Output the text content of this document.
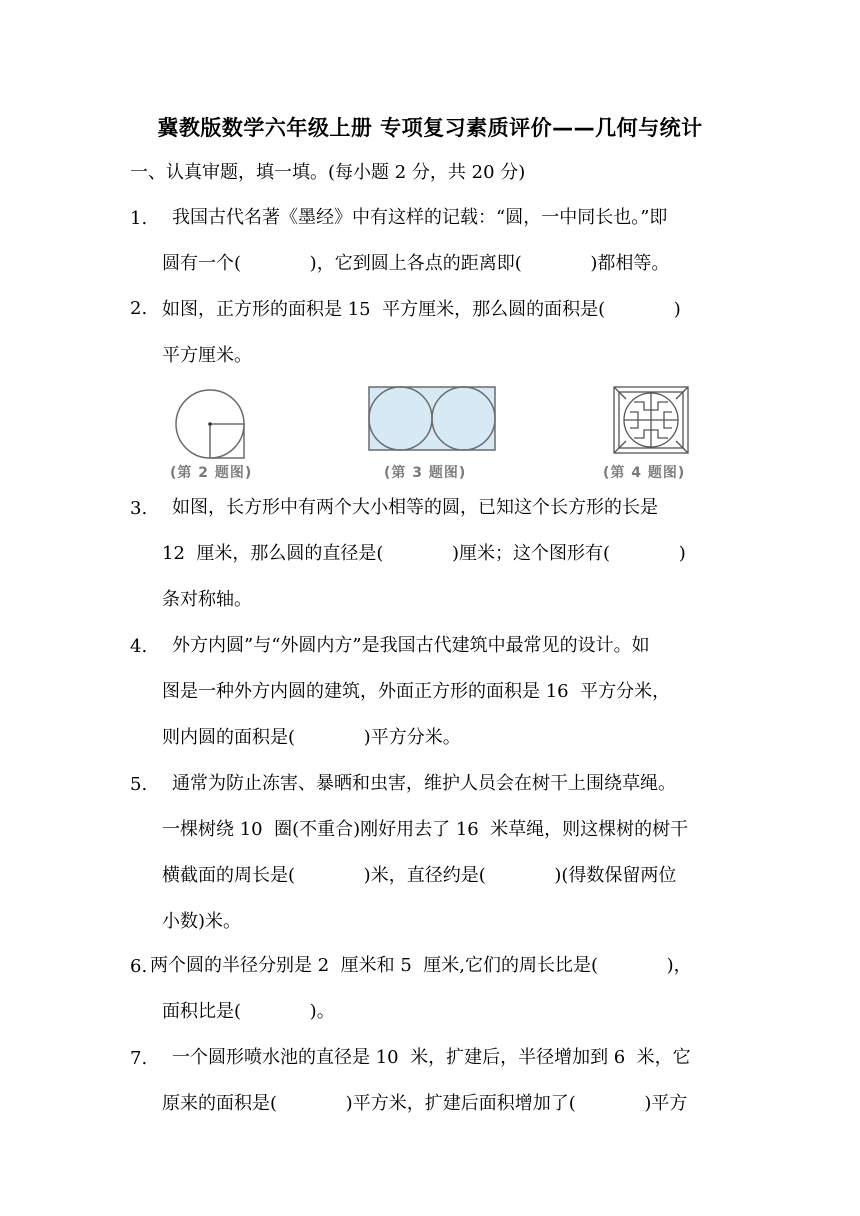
冀教版数学六年级上册 专项复习素质评价——几何与统计
一、认真审题，填一填。(每小题 2 分，共 20 分)
1. 我国古代名著《墨经》中有这样的记载：“圆，一中同长也。”即
圆有一个(            )，它到圆上各点的距离即(            )都相等。
2. 如图，正方形的面积是 15  平方厘米，那么圆的面积是(            )
平方厘米。
(第 2 题图)	(第 3 题图)	(第 4 题图)
3. 如图，长方形中有两个大小相等的圆，已知这个长方形的长是
12  厘米，那么圆的直径是(            )厘米；这个图形有(            )
条对称轴。
4. 外方内圆”与“外圆内方”是我国古代建筑中最常见的设计。如
图是一种外方内圆的建筑，外面正方形的面积是 16  平方分米，
则内圆的面积是(            )平方分米。
5. 通常为防止冻害、暴晒和虫害，维护人员会在树干上围绕草绳。
一棵树绕 10  圈(不重合)刚好用去了 16  米草绳，则这棵树的树干
横截面的周长是(            )米，直径约是(            )(得数保留两位
小数)米。
6. 两个圆的半径分别是 2  厘米和 5  厘米,它们的周长比是(            )，
面积比是(            )。
7. 一个圆形喷水池的直径是 10  米，扩建后，半径增加到 6  米，它
原来的面积是(            )平方米，扩建后面积增加了(            )平方
